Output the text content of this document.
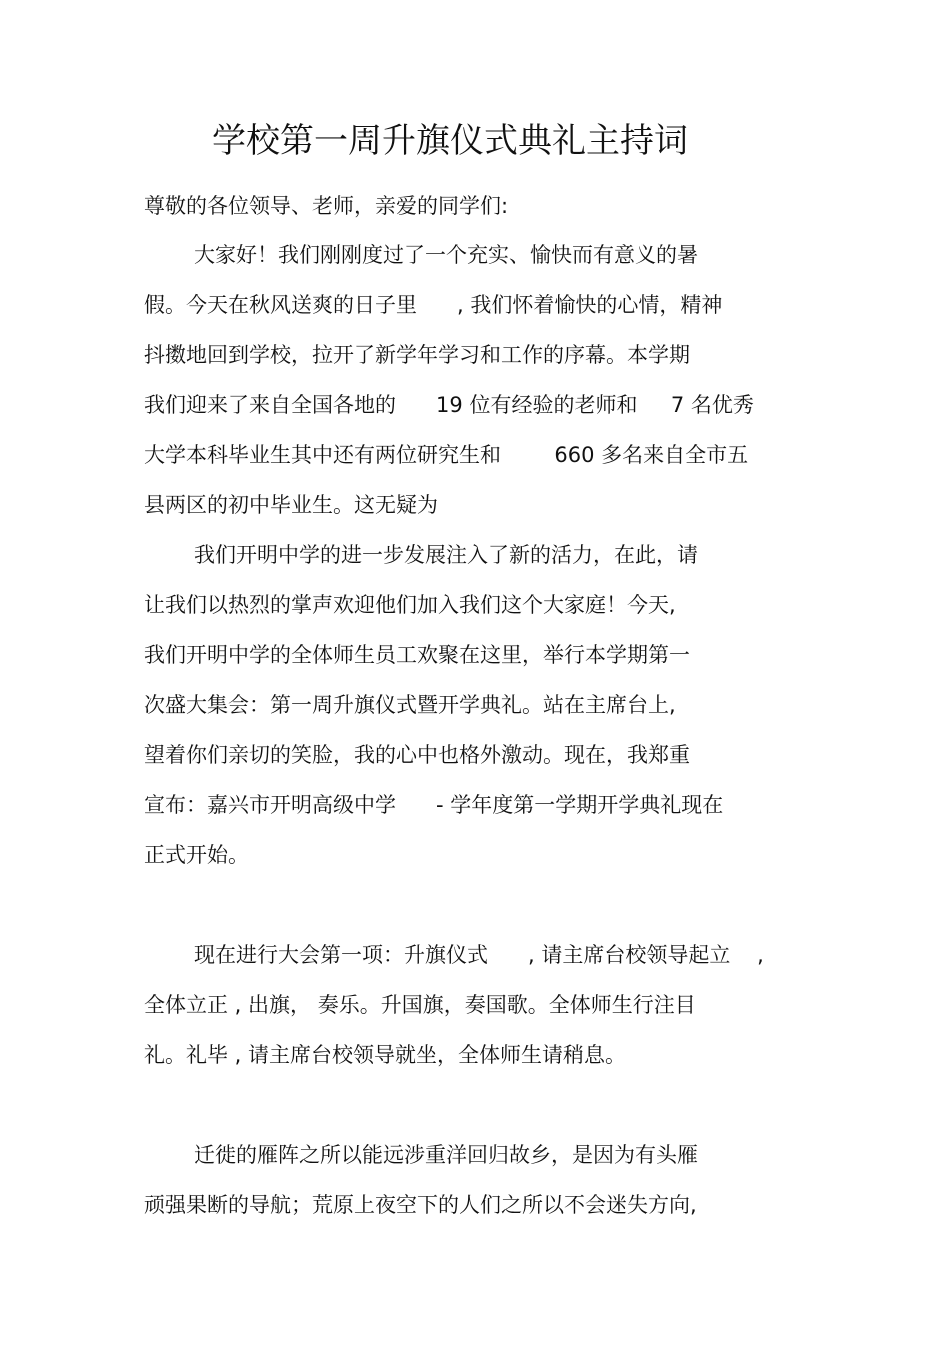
学校第一周升旗仪式典礼主持词
尊敬的各位领导、老师，亲爱的同学们:
大家好！我们刚刚度过了一个充实、愉快而有意义的暑
假。今天在秋风送爽的日子里      , 我们怀着愉快的心情，精神
抖擞地回到学校，拉开了新学年学习和工作的序幕。本学期
我们迎来了来自全国各地的      19 位有经验的老师和     7 名优秀
大学本科毕业生其中还有两位研究生和        660 多名来自全市五
县两区的初中毕业生。这无疑为
我们开明中学的进一步发展注入了新的活力，在此，请
让我们以热烈的掌声欢迎他们加入我们这个大家庭！今天,
我们开明中学的全体师生员工欢聚在这里，举行本学期第一
次盛大集会：第一周升旗仪式暨开学典礼。站在主席台上,
望着你们亲切的笑脸，我的心中也格外激动。现在，我郑重
宣布：嘉兴市开明高级中学      - 学年度第一学期开学典礼现在
正式开始。
现在进行大会第一项：升旗仪式      , 请主席台校领导起立    ,
全体立正 , 出旗， 奏乐。升国旗，奏国歌。全体师生行注目
礼。礼毕 , 请主席台校领导就坐，全体师生请稍息。
迁徙的雁阵之所以能远涉重洋回归故乡，是因为有头雁
顽强果断的导航；荒原上夜空下的人们之所以不会迷失方向,
